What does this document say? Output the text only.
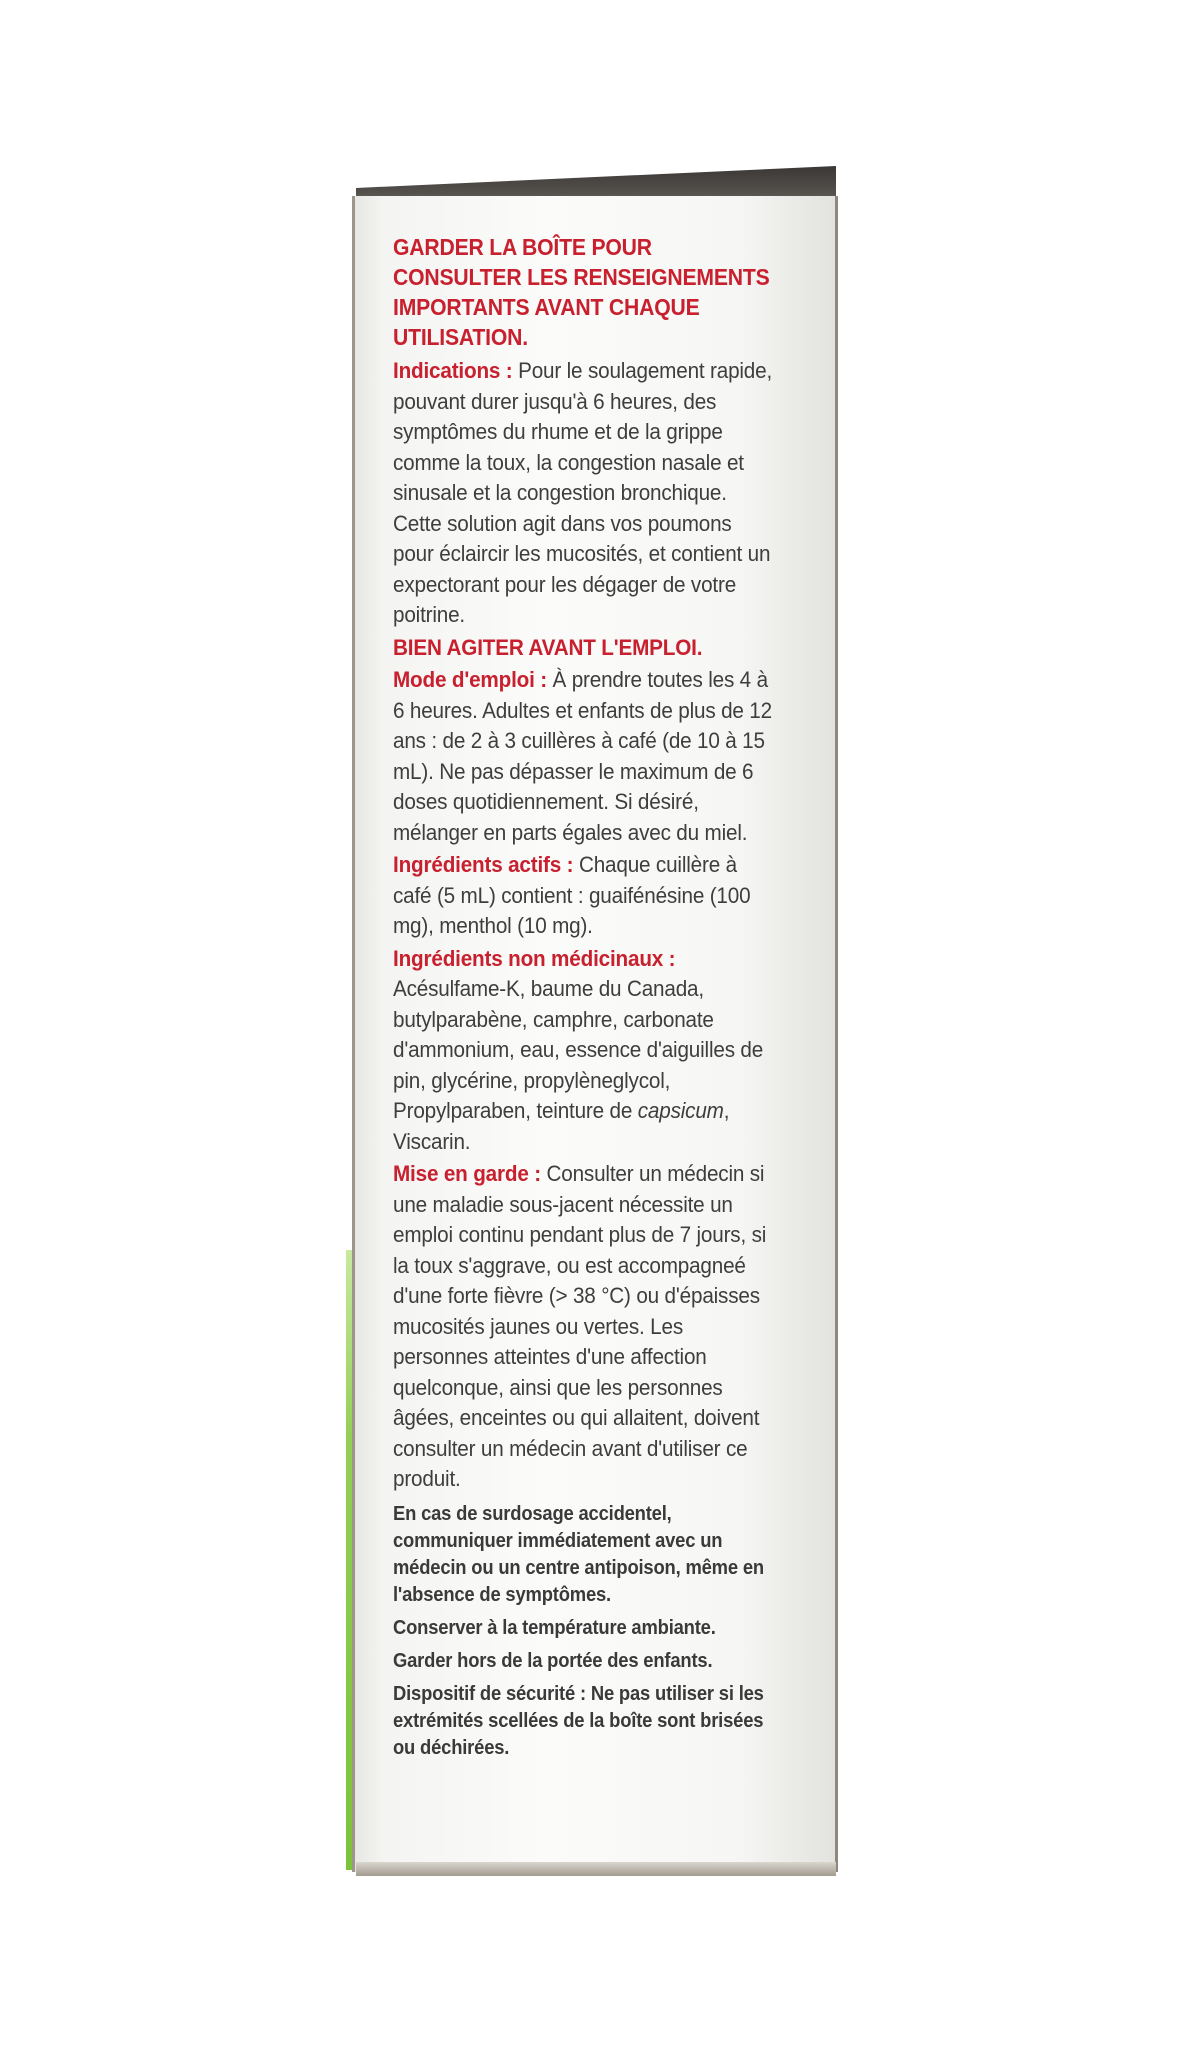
GARDER LA BOÎTE POUR CONSULTER LES RENSEIGNEMENTS IMPORTANTS AVANT CHAQUE UTILISATION.

Indications : Pour le soulagement rapide, pouvant durer jusqu'à 6 heures, des symptômes du rhume et de la grippe comme la toux, la congestion nasale et sinusale et la congestion bronchique. Cette solution agit dans vos poumons pour éclaircir les mucosités, et contient un expectorant pour les dégager de votre poitrine.

BIEN AGITER AVANT L'EMPLOI.

Mode d'emploi : À prendre toutes les 4 à 6 heures. Adultes et enfants de plus de 12 ans : de 2 à 3 cuillères à café (de 10 à 15 mL). Ne pas dépasser le maximum de 6 doses quotidiennement. Si désiré, mélanger en parts égales avec du miel.

Ingrédients actifs : Chaque cuillère à café (5 mL) contient : guaifénésine (100 mg), menthol (10 mg).

Ingrédients non médicinaux :
Acésulfame-K, baume du Canada, butylparabène, camphre, carbonate d'ammonium, eau, essence d'aiguilles de pin, glycérine, propylèneglycol, Propylparaben, teinture de capsicum, Viscarin.

Mise en garde : Consulter un médecin si une maladie sous-jacent nécessite un emploi continu pendant plus de 7 jours, si la toux s'aggrave, ou est accompagneé d'une forte fièvre (> 38 °C) ou d'épaisses mucosités jaunes ou vertes. Les personnes atteintes d'une affection quelconque, ainsi que les personnes âgées, enceintes ou qui allaitent, doivent consulter un médecin avant d'utiliser ce produit.

En cas de surdosage accidentel, communiquer immédiatement avec un médecin ou un centre antipoison, même en l'absence de symptômes.

Conserver à la température ambiante.

Garder hors de la portée des enfants.

Dispositif de sécurité : Ne pas utiliser si les extrémités scellées de la boîte sont brisées ou déchirées.
